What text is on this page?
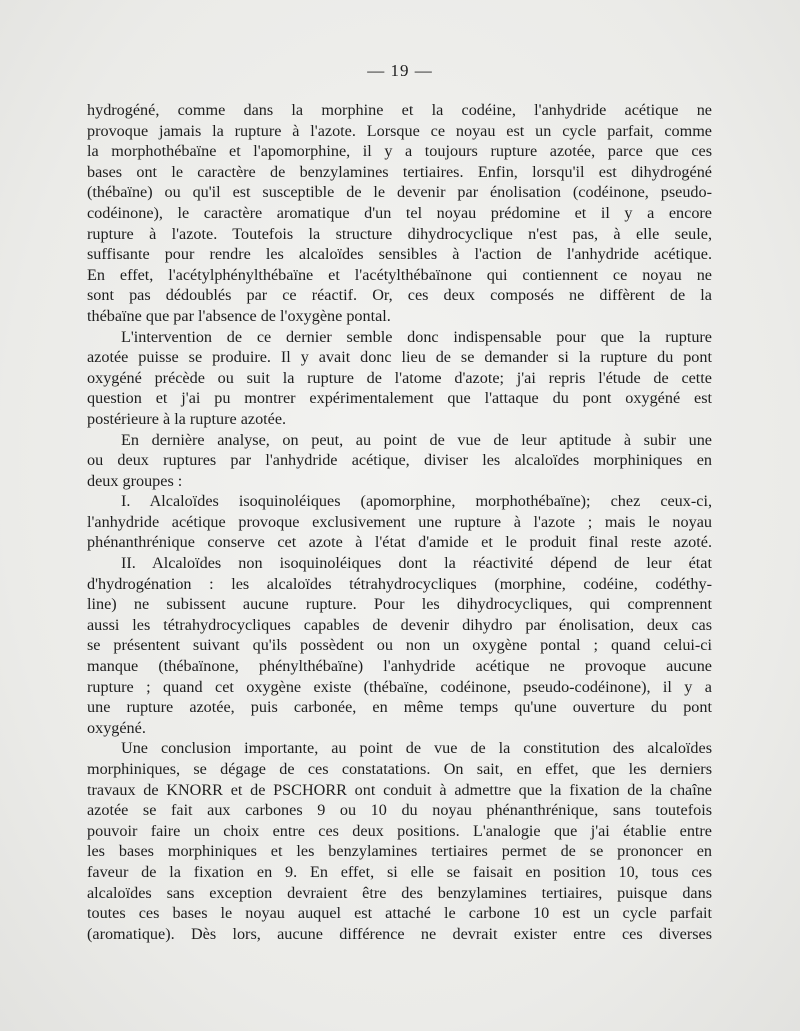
— 19 —
hydrogéné, comme dans la morphine et la codéine, l'anhydride acétique ne
provoque jamais la rupture à l'azote. Lorsque ce noyau est un cycle parfait, comme
la morphothébaïne et l'apomorphine, il y a toujours rupture azotée, parce que ces
bases ont le caractère de benzylamines tertiaires. Enfin, lorsqu'il est dihydrogéné
(thébaïne) ou qu'il est susceptible de le devenir par énolisation (codéinone, pseudo-
codéinone), le caractère aromatique d'un tel noyau prédomine et il y a encore
rupture à l'azote. Toutefois la structure dihydrocyclique n'est pas, à elle seule,
suffisante pour rendre les alcaloïdes sensibles à l'action de l'anhydride acétique.
En effet, l'acétylphénylthébaïne et l'acétylthébaïnone qui contiennent ce noyau ne
sont pas dédoublés par ce réactif. Or, ces deux composés ne diffèrent de la
thébaïne que par l'absence de l'oxygène pontal.
L'intervention de ce dernier semble donc indispensable pour que la rupture
azotée puisse se produire. Il y avait donc lieu de se demander si la rupture du pont
oxygéné précède ou suit la rupture de l'atome d'azote; j'ai repris l'étude de cette
question et j'ai pu montrer expérimentalement que l'attaque du pont oxygéné est
postérieure à la rupture azotée.
En dernière analyse, on peut, au point de vue de leur aptitude à subir une
ou deux ruptures par l'anhydride acétique, diviser les alcaloïdes morphiniques en
deux groupes :
I. Alcaloïdes isoquinoléiques (apomorphine, morphothébaïne); chez ceux-ci,
l'anhydride acétique provoque exclusivement une rupture à l'azote ; mais le noyau
phénanthrénique conserve cet azote à l'état d'amide et le produit final reste azoté.
II. Alcaloïdes non isoquinoléiques dont la réactivité dépend de leur état
d'hydrogénation : les alcaloïdes tétrahydrocycliques (morphine, codéine, codéthy-
line) ne subissent aucune rupture. Pour les dihydrocycliques, qui comprennent
aussi les tétrahydrocycliques capables de devenir dihydro par énolisation, deux cas
se présentent suivant qu'ils possèdent ou non un oxygène pontal ; quand celui-ci
manque (thébaïnone, phénylthébaïne) l'anhydride acétique ne provoque aucune
rupture ; quand cet oxygène existe (thébaïne, codéinone, pseudo-codéinone), il y a
une rupture azotée, puis carbonée, en même temps qu'une ouverture du pont
oxygéné.
Une conclusion importante, au point de vue de la constitution des alcaloïdes
morphiniques, se dégage de ces constatations. On sait, en effet, que les derniers
travaux de KNORR et de PSCHORR ont conduit à admettre que la fixation de la chaîne
azotée se fait aux carbones 9 ou 10 du noyau phénanthrénique, sans toutefois
pouvoir faire un choix entre ces deux positions. L'analogie que j'ai établie entre
les bases morphiniques et les benzylamines tertiaires permet de se prononcer en
faveur de la fixation en 9. En effet, si elle se faisait en position 10, tous ces
alcaloïdes sans exception devraient être des benzylamines tertiaires, puisque dans
toutes ces bases le noyau auquel est attaché le carbone 10 est un cycle parfait
(aromatique). Dès lors, aucune différence ne devrait exister entre ces diverses
